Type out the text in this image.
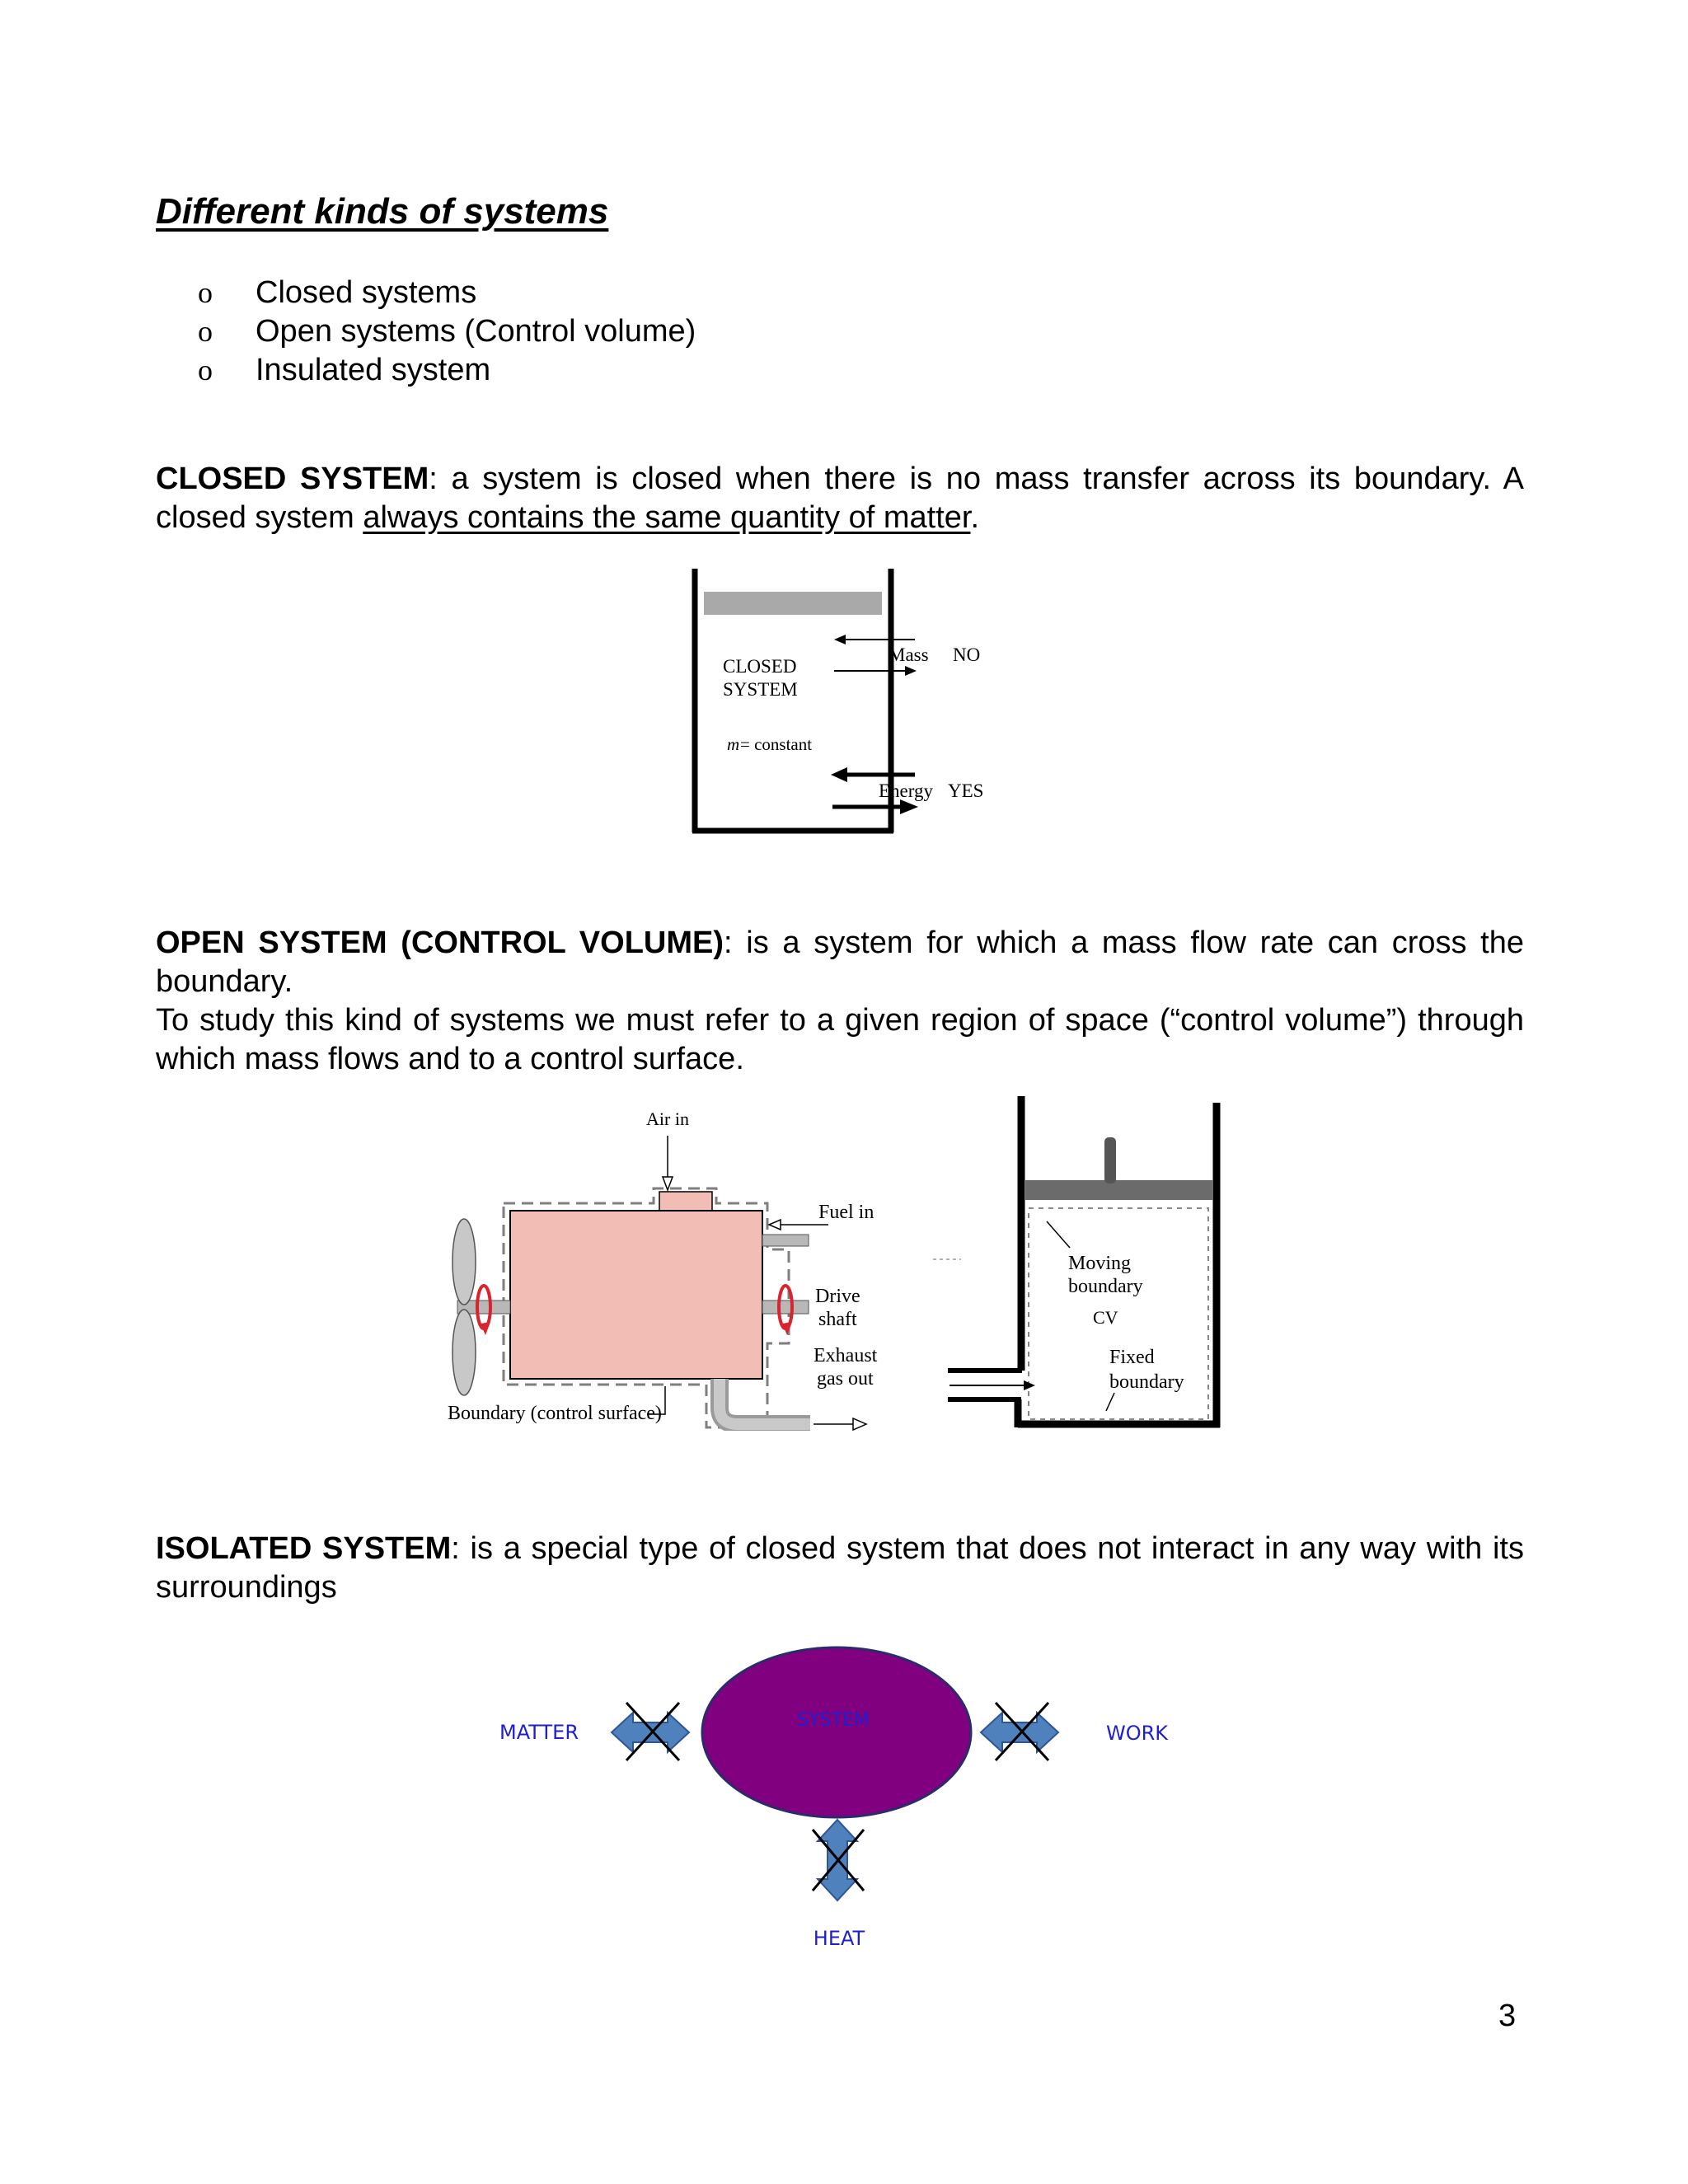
Different kinds of systems
o Closed systems
o Open systems (Control volume)
o Insulated system

CLOSED SYSTEM: a system is closed when there is no mass transfer across its boundary. A closed system always contains the same quantity of matter.

CLOSED
SYSTEM
m = constant
Mass NO
Energy YES

OPEN SYSTEM (CONTROL VOLUME): is a system for which a mass flow rate can cross the boundary.
To study this kind of systems we must refer to a given region of space (“control volume”) through which mass flows and to a control surface.

Air in
Fuel in
Drive
shaft
Exhaust
gas out
Boundary (control surface)
Moving
boundary
CV
Fixed
boundary

ISOLATED SYSTEM: is a special type of closed system that does not interact in any way with its surroundings

SYSTEM
MATTER	WORK
HEAT
3
